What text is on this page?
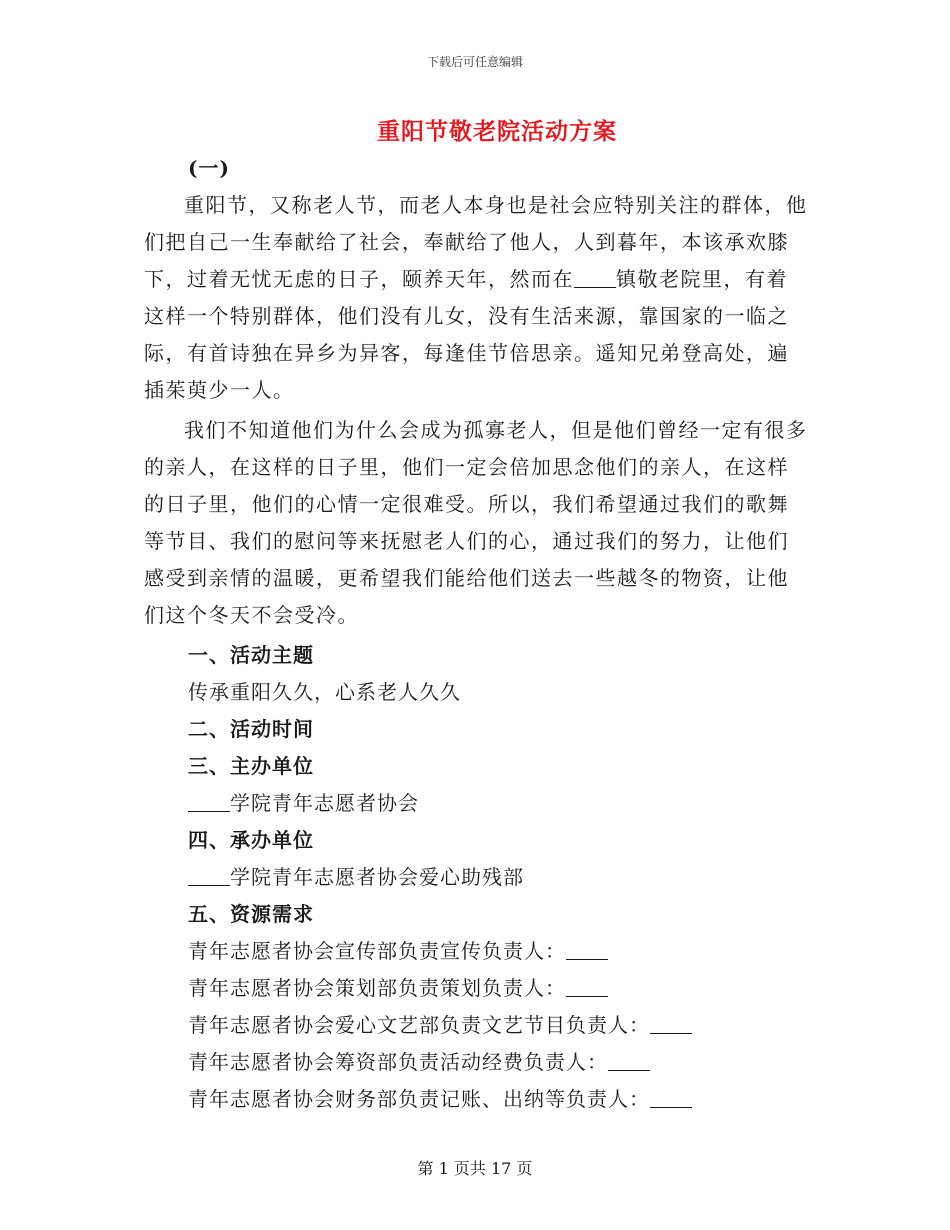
下载后可任意编辑
重阳节敬老院活动方案

(一)

重阳节，又称老人节，而老人本身也是社会应特别关注的群体，他们把自己一生奉献给了社会，奉献给了他人，人到暮年，本该承欢膝下，过着无忧无虑的日子，颐养天年，然而在 镇敬老院里，有着这样一个特别群体，他们没有儿女，没有生活来源，靠国家的一临之际，有首诗独在异乡为异客，每逢佳节倍思亲。遥知兄弟登高处，遍插茱萸少一人。

我们不知道他们为什么会成为孤寡老人，但是他们曾经一定有很多的亲人，在这样的日子里，他们一定会倍加思念他们的亲人，在这样的日子里，他们的心情一定很难受。所以，我们希望通过我们的歌舞等节目、我们的慰问等来抚慰老人们的心，通过我们的努力，让他们感受到亲情的温暖，更希望我们能给他们送去一些越冬的物资，让他们这个冬天不会受冷。

一、活动主题

传承重阳久久，心系老人久久

二、活动时间

三、主办单位

学院青年志愿者协会

四、承办单位

学院青年志愿者协会爱心助残部

五、资源需求

青年志愿者协会宣传部负责宣传负责人：

青年志愿者协会策划部负责策划负责人：

青年志愿者协会爱心文艺部负责文艺节目负责人：

青年志愿者协会筹资部负责活动经费负责人：

青年志愿者协会财务部负责记账、出纳等负责人：

第 1 页共 17 页
